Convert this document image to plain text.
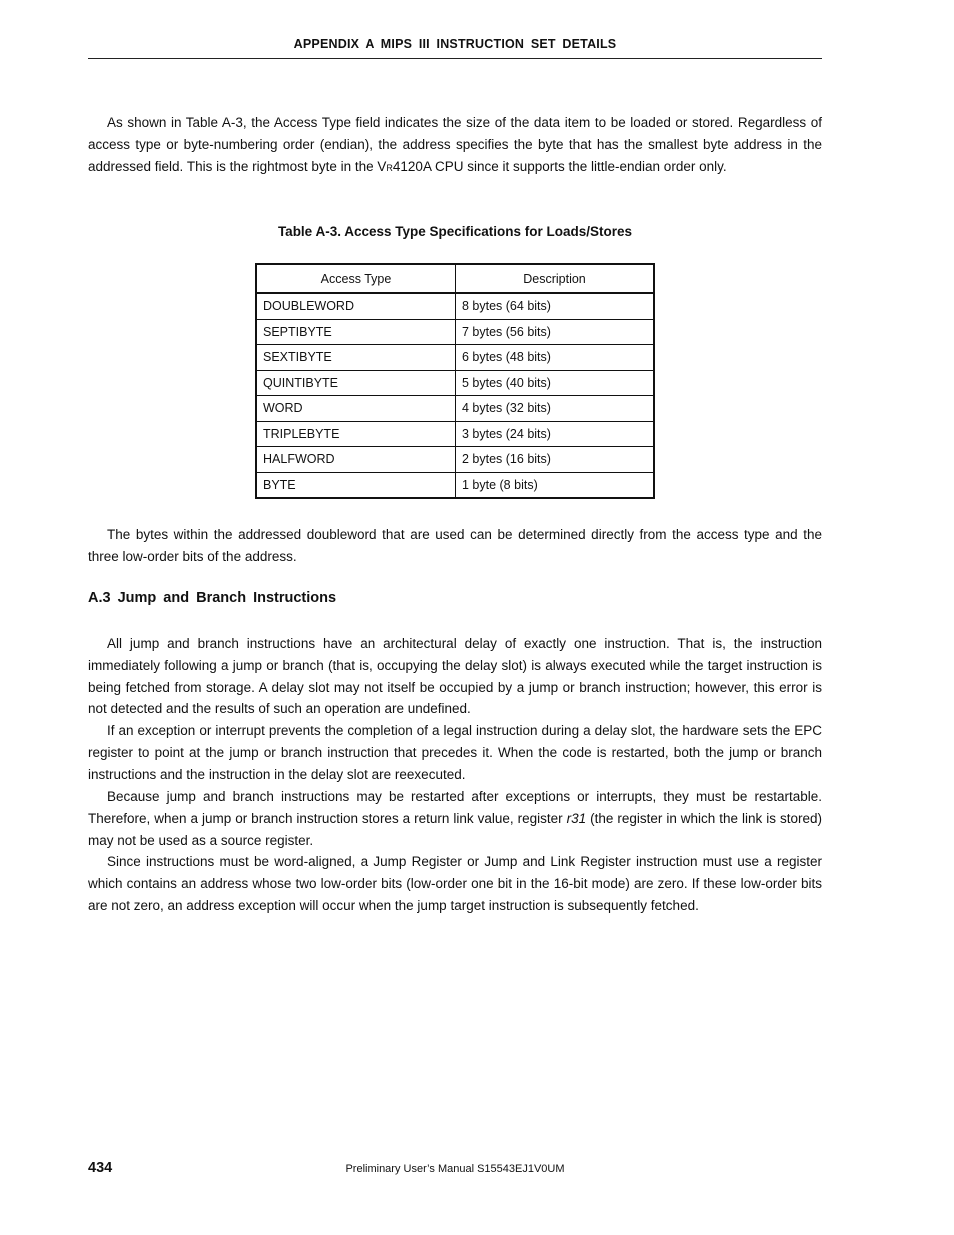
APPENDIX A MIPS III INSTRUCTION SET DETAILS

As shown in Table A-3, the Access Type field indicates the size of the data item to be loaded or stored. Regardless of access type or byte-numbering order (endian), the address specifies the byte that has the smallest byte address in the addressed field. This is the rightmost byte in the VR4120A CPU since it supports the little-endian order only.

Table A-3. Access Type Specifications for Loads/Stores
Access Type	Description
DOUBLEWORD	8 bytes (64 bits)
SEPTIBYTE	7 bytes (56 bits)
SEXTIBYTE	6 bytes (48 bits)
QUINTIBYTE	5 bytes (40 bits)
WORD	4 bytes (32 bits)
TRIPLEBYTE	3 bytes (24 bits)
HALFWORD	2 bytes (16 bits)
BYTE	1 byte (8 bits)

The bytes within the addressed doubleword that are used can be determined directly from the access type and the three low-order bits of the address.

A.3 Jump and Branch Instructions

All jump and branch instructions have an architectural delay of exactly one instruction. That is, the instruction immediately following a jump or branch (that is, occupying the delay slot) is always executed while the target instruction is being fetched from storage. A delay slot may not itself be occupied by a jump or branch instruction; however, this error is not detected and the results of such an operation are undefined.

If an exception or interrupt prevents the completion of a legal instruction during a delay slot, the hardware sets the EPC register to point at the jump or branch instruction that precedes it. When the code is restarted, both the jump or branch instructions and the instruction in the delay slot are reexecuted.

Because jump and branch instructions may be restarted after exceptions or interrupts, they must be restartable. Therefore, when a jump or branch instruction stores a return link value, register r31 (the register in which the link is stored) may not be used as a source register.

Since instructions must be word-aligned, a Jump Register or Jump and Link Register instruction must use a register which contains an address whose two low-order bits (low-order one bit in the 16-bit mode) are zero. If these low-order bits are not zero, an address exception will occur when the jump target instruction is subsequently fetched.

434	Preliminary User’s Manual S15543EJ1V0UM
